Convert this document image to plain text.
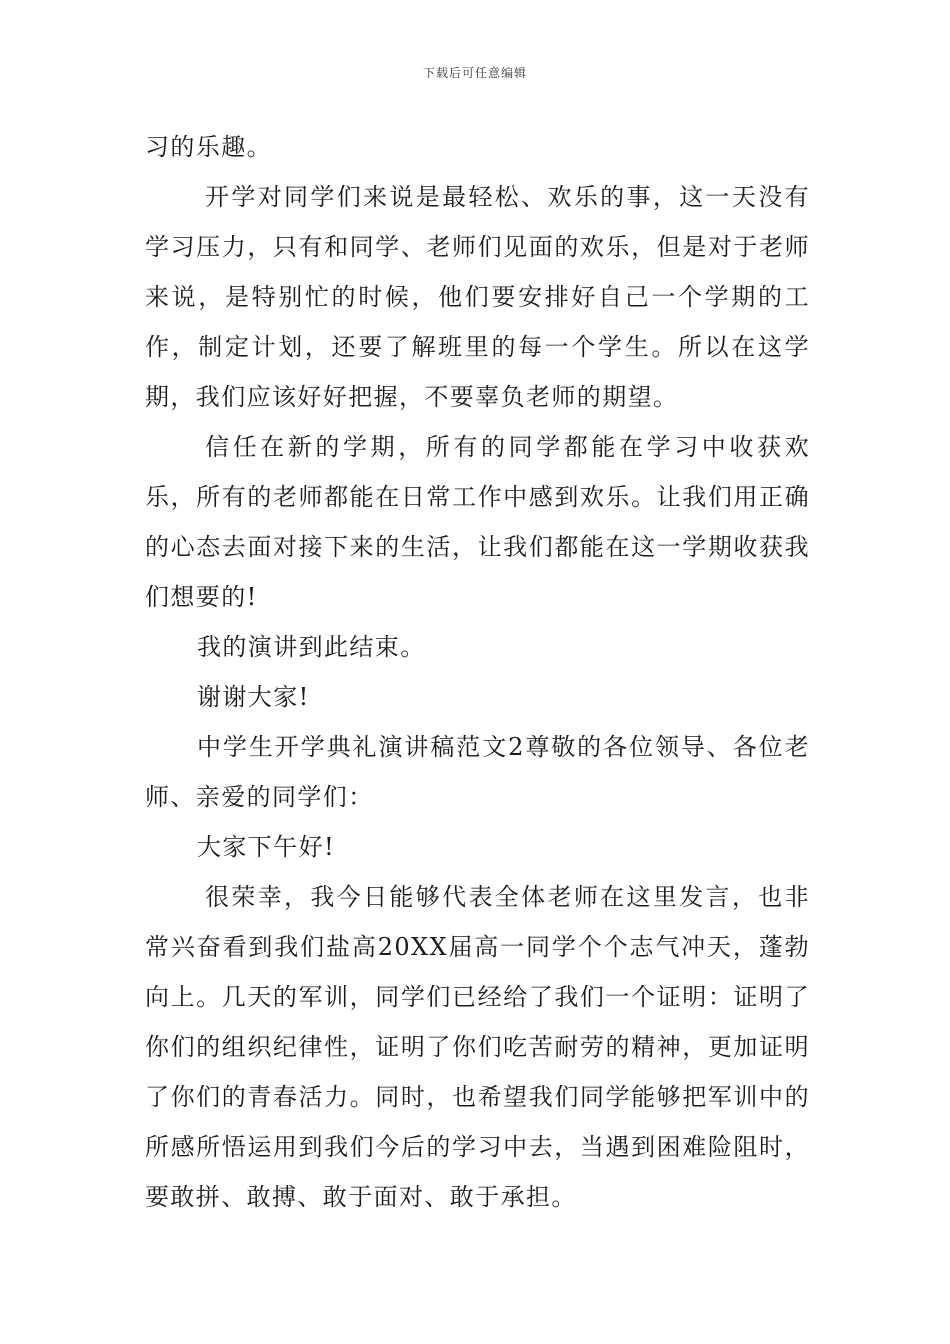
下载后可任意编辑

习的乐趣。

开学对同学们来说是最轻松、欢乐的事，这一天没有学习压力，只有和同学、老师们见面的欢乐，但是对于老师来说，是特别忙的时候，他们要安排好自己一个学期的工作，制定计划，还要了解班里的每一个学生。所以在这学期，我们应该好好把握，不要辜负老师的期望。

信任在新的学期，所有的同学都能在学习中收获欢乐，所有的老师都能在日常工作中感到欢乐。让我们用正确的心态去面对接下来的生活，让我们都能在这一学期收获我们想要的!

我的演讲到此结束。

谢谢大家!

中学生开学典礼演讲稿范文2尊敬的各位领导、各位老师、亲爱的同学们：

大家下午好!

很荣幸，我今日能够代表全体老师在这里发言，也非常兴奋看到我们盐高20XX届高一同学个个志气冲天，蓬勃向上。几天的军训，同学们已经给了我们一个证明：证明了你们的组织纪律性，证明了你们吃苦耐劳的精神，更加证明了你们的青春活力。同时，也希望我们同学能够把军训中的所感所悟运用到我们今后的学习中去，当遇到困难险阻时，要敢拼、敢搏、敢于面对、敢于承担。
